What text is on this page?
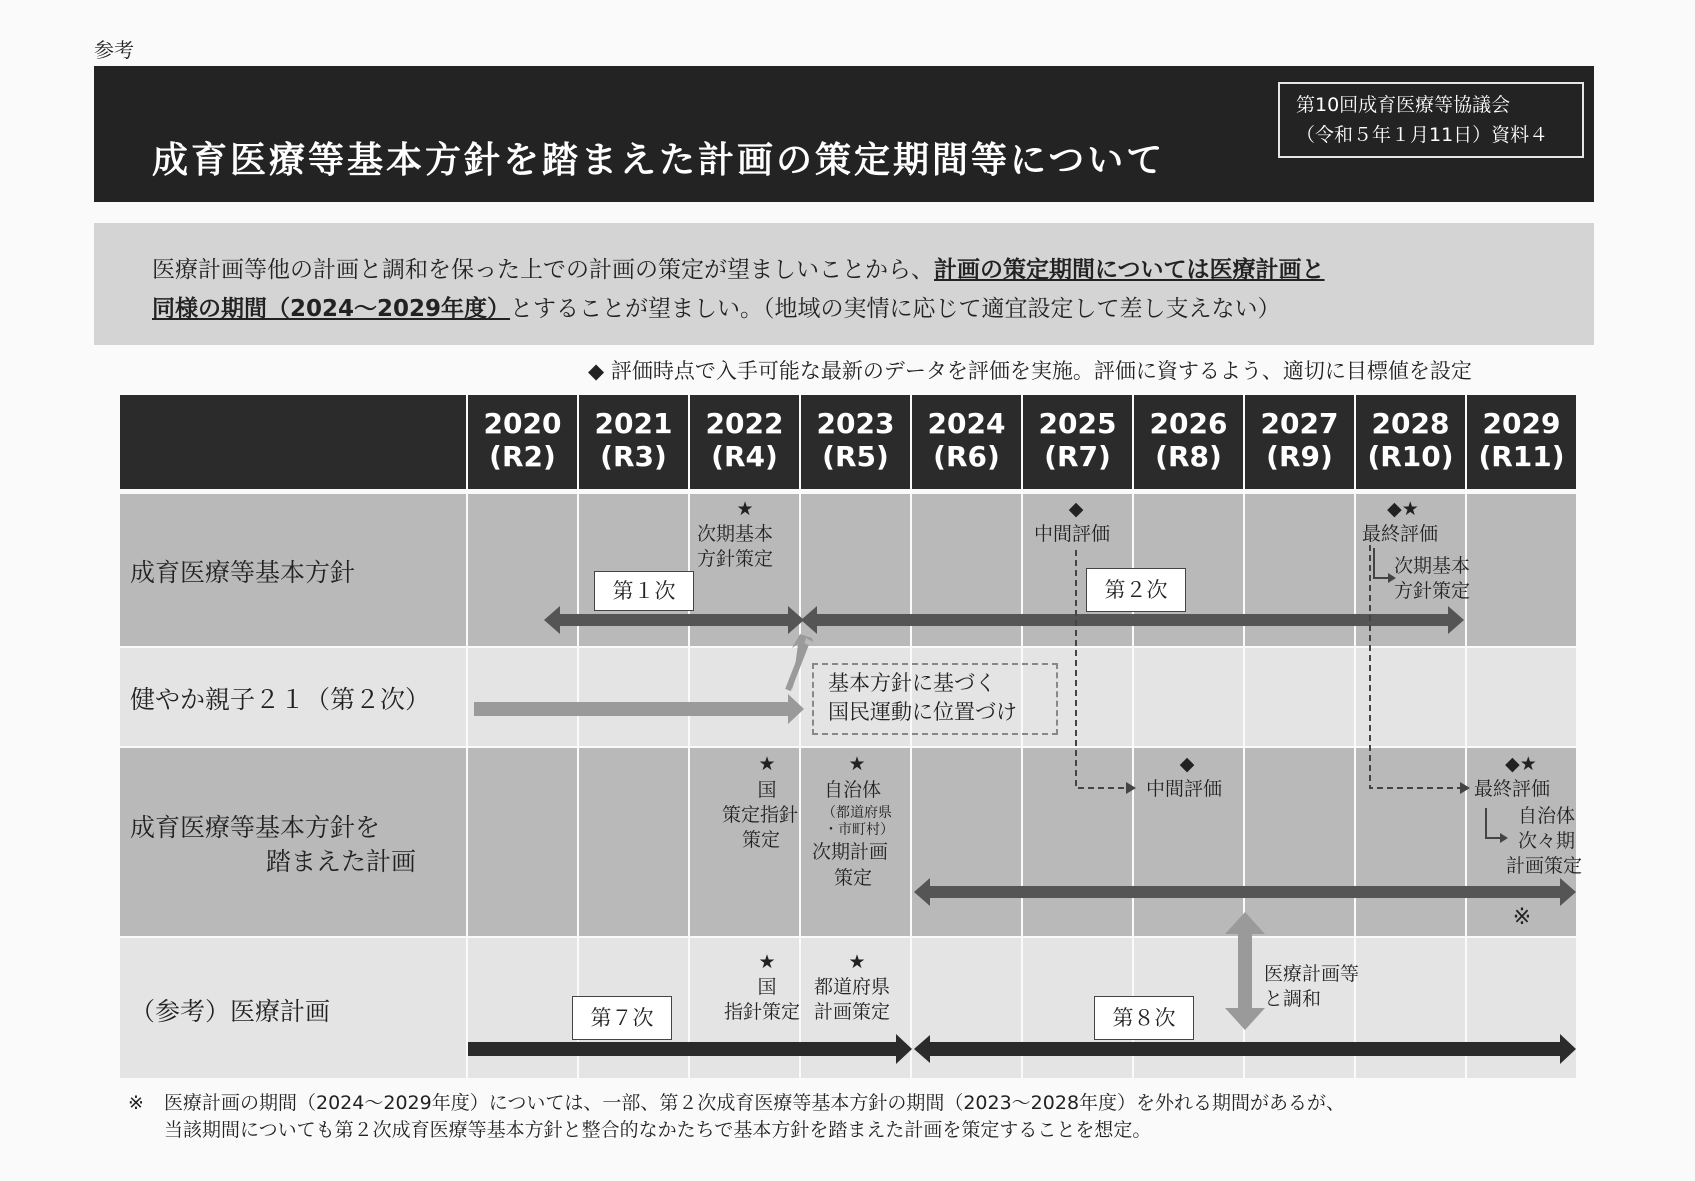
参考
成育医療等基本方針を踏まえた計画の策定期間等について
第10回成育医療等協議会
（令和５年１月11日）資料４
医療計画等他の計画と調和を保った上での計画の策定が望ましいことから、計画の策定期間については医療計画と
同様の期間（2024～2029年度）とすることが望ましい。（地域の実情に応じて適宜設定して差し支えない）
◆ 評価時点で入手可能な最新のデータを評価を実施。評価に資するよう、適切に目標値を設定
2020
(R2)
2021
(R3)
2022
(R4)
2023
(R5)
2024
(R6)
2025
(R7)
2026
(R8)
2027
(R9)
2028
(R10)
2029
(R11)
成育医療等基本方針
健やか親子２１（第２次）
成育医療等基本方針を
踏まえた計画
（参考）医療計画
★
次期基本
方針策定
◆
中間評価
◆★
最終評価
次期基本
方針策定
第１次	第２次
基本方針に基づく
国民運動に位置づけ
★
国
策定指針
策定
★
自治体
（都道府県
・市町村）
次期計画
策定
◆
中間評価
◆★
最終評価
自治体
次々期
計画策定
※
★
国
指針策定
★
都道府県
計画策定
第７次	第８次
医療計画等
と調和
※ 医療計画の期間（2024～2029年度）については、一部、第２次成育医療等基本方針の期間（2023～2028年度）を外れる期間があるが、
当該期間についても第２次成育医療等基本方針と整合的なかたちで基本方針を踏まえた計画を策定することを想定。
